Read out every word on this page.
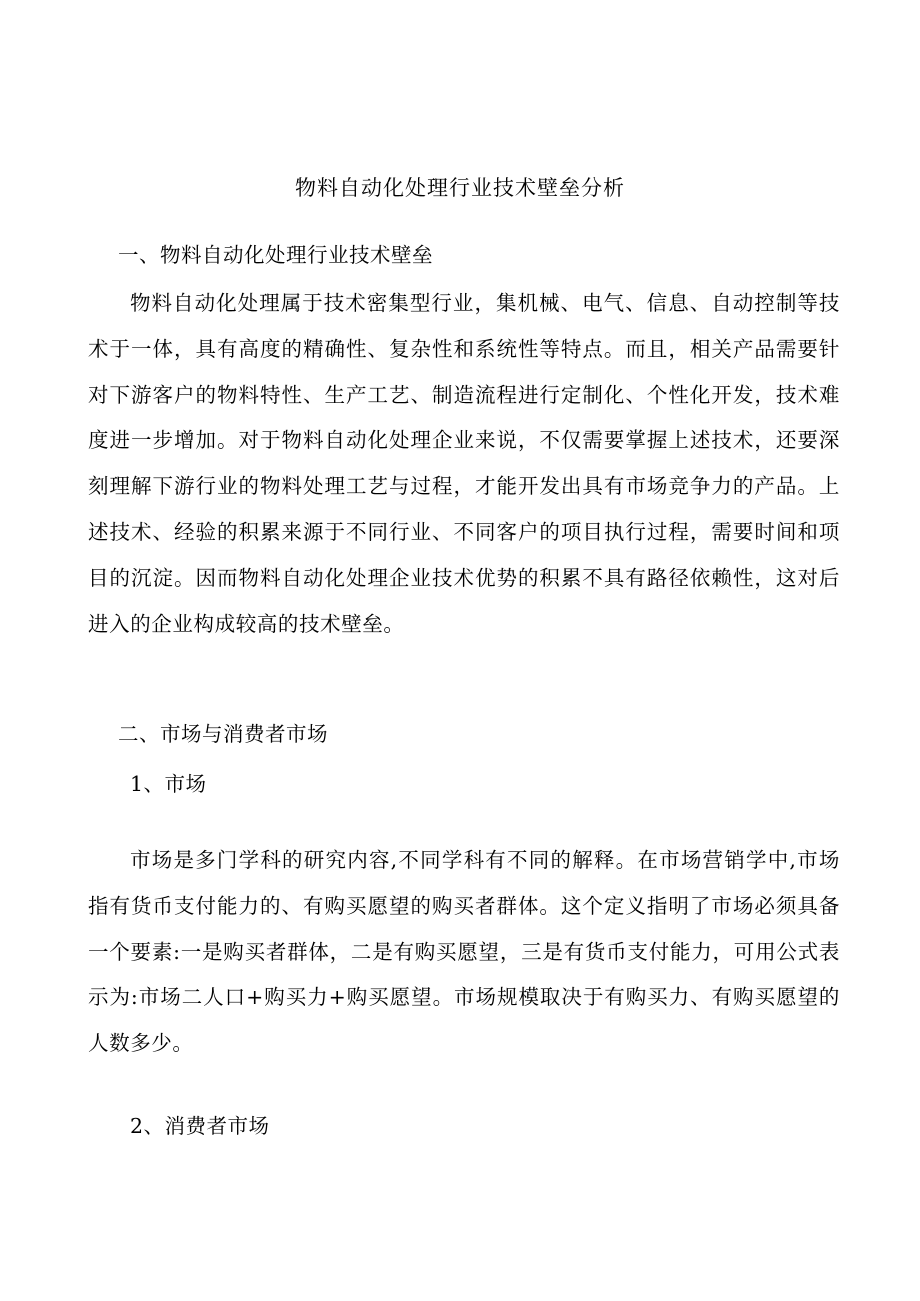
物料自动化处理行业技术壁垒分析
一、物料自动化处理行业技术壁垒

物料自动化处理属于技术密集型行业，集机械、电气、信息、自动控制等技术于一体，具有高度的精确性、复杂性和系统性等特点。而且，相关产品需要针对下游客户的物料特性、生产工艺、制造流程进行定制化、个性化开发，技术难度进一步增加。对于物料自动化处理企业来说，不仅需要掌握上述技术，还要深刻理解下游行业的物料处理工艺与过程，才能开发出具有市场竞争力的产品。上述技术、经验的积累来源于不同行业、不同客户的项目执行过程，需要时间和项目的沉淀。因而物料自动化处理企业技术优势的积累不具有路径依赖性，这对后进入的企业构成较高的技术壁垒。

二、市场与消费者市场
1、市场

市场是多门学科的研究内容,不同学科有不同的解释。在市场营销学中,市场指有货币支付能力的、有购买愿望的购买者群体。这个定义指明了市场必须具备一个要素:一是购买者群体，二是有购买愿望，三是有货币支付能力，可用公式表示为:市场二人口+购买力+购买愿望。市场规模取决于有购买力、有购买愿望的人数多少。

2、消费者市场
